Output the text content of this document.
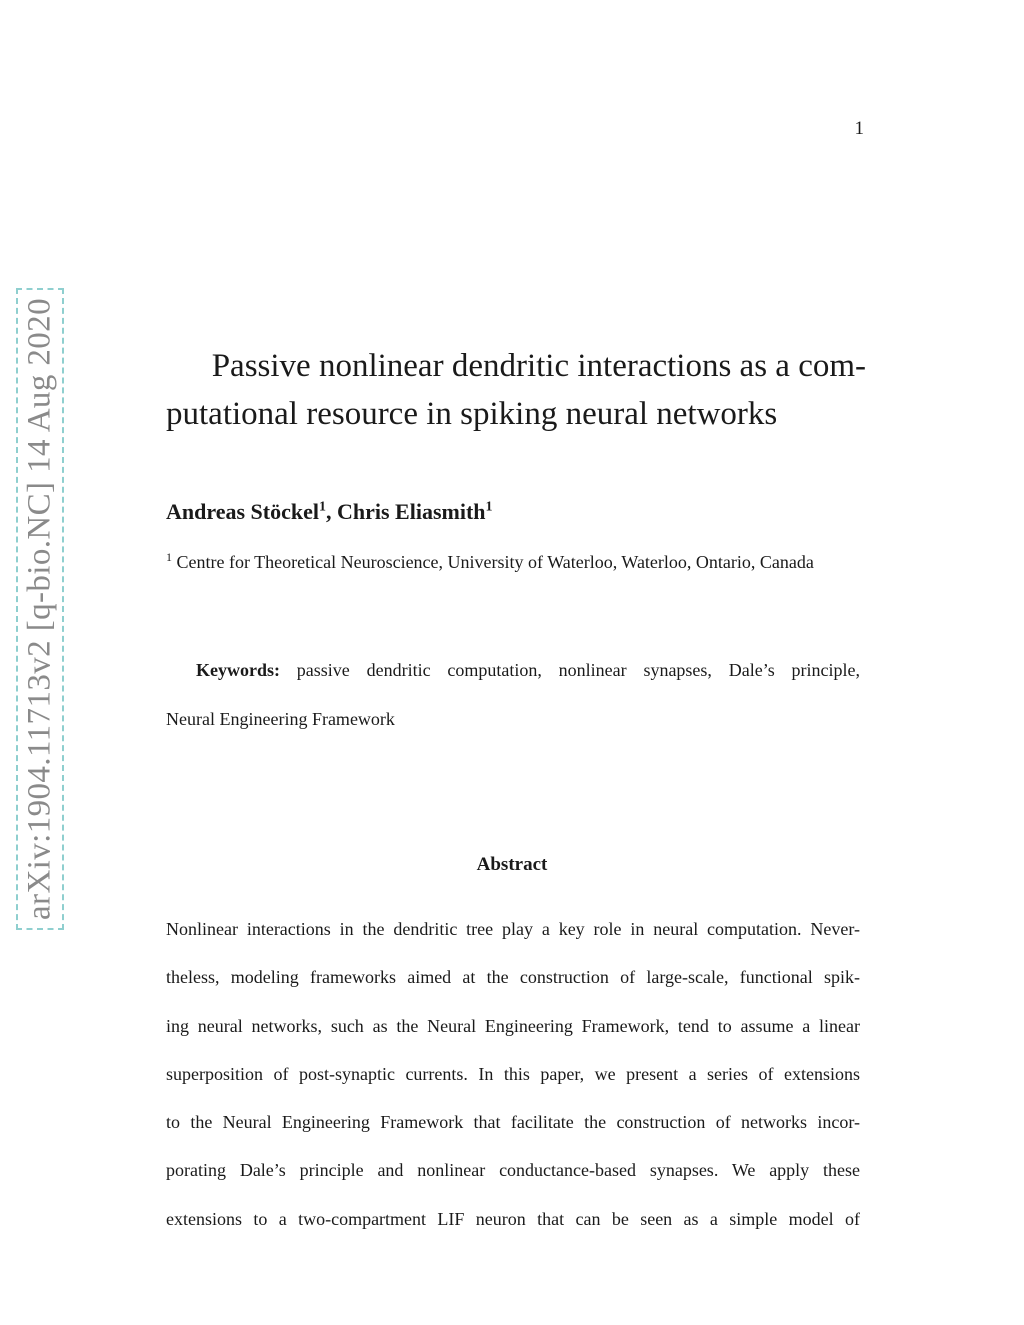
1
arXiv:1904.11713v2 [q-bio.NC] 14 Aug 2020	Passive nonlinear dendritic interactions as a com-
putational resource in spiking neural networks
Andreas Stöckel$^1$, Chris Eliasmith$^1$
$^1$ Centre for Theoretical Neuroscience, University of Waterloo, Waterloo, Ontario, Canada
Keywords: passive dendritic computation, nonlinear synapses, Dale’s principle,
Neural Engineering Framework
Abstract
Nonlinear interactions in the dendritic tree play a key role in neural computation. Never-
theless, modeling frameworks aimed at the construction of large-scale, functional spik-
ing neural networks, such as the Neural Engineering Framework, tend to assume a linear
superposition of post-synaptic currents. In this paper, we present a series of extensions
to the Neural Engineering Framework that facilitate the construction of networks incor-
porating Dale’s principle and nonlinear conductance-based synapses. We apply these
extensions to a two-compartment LIF neuron that can be seen as a simple model of
